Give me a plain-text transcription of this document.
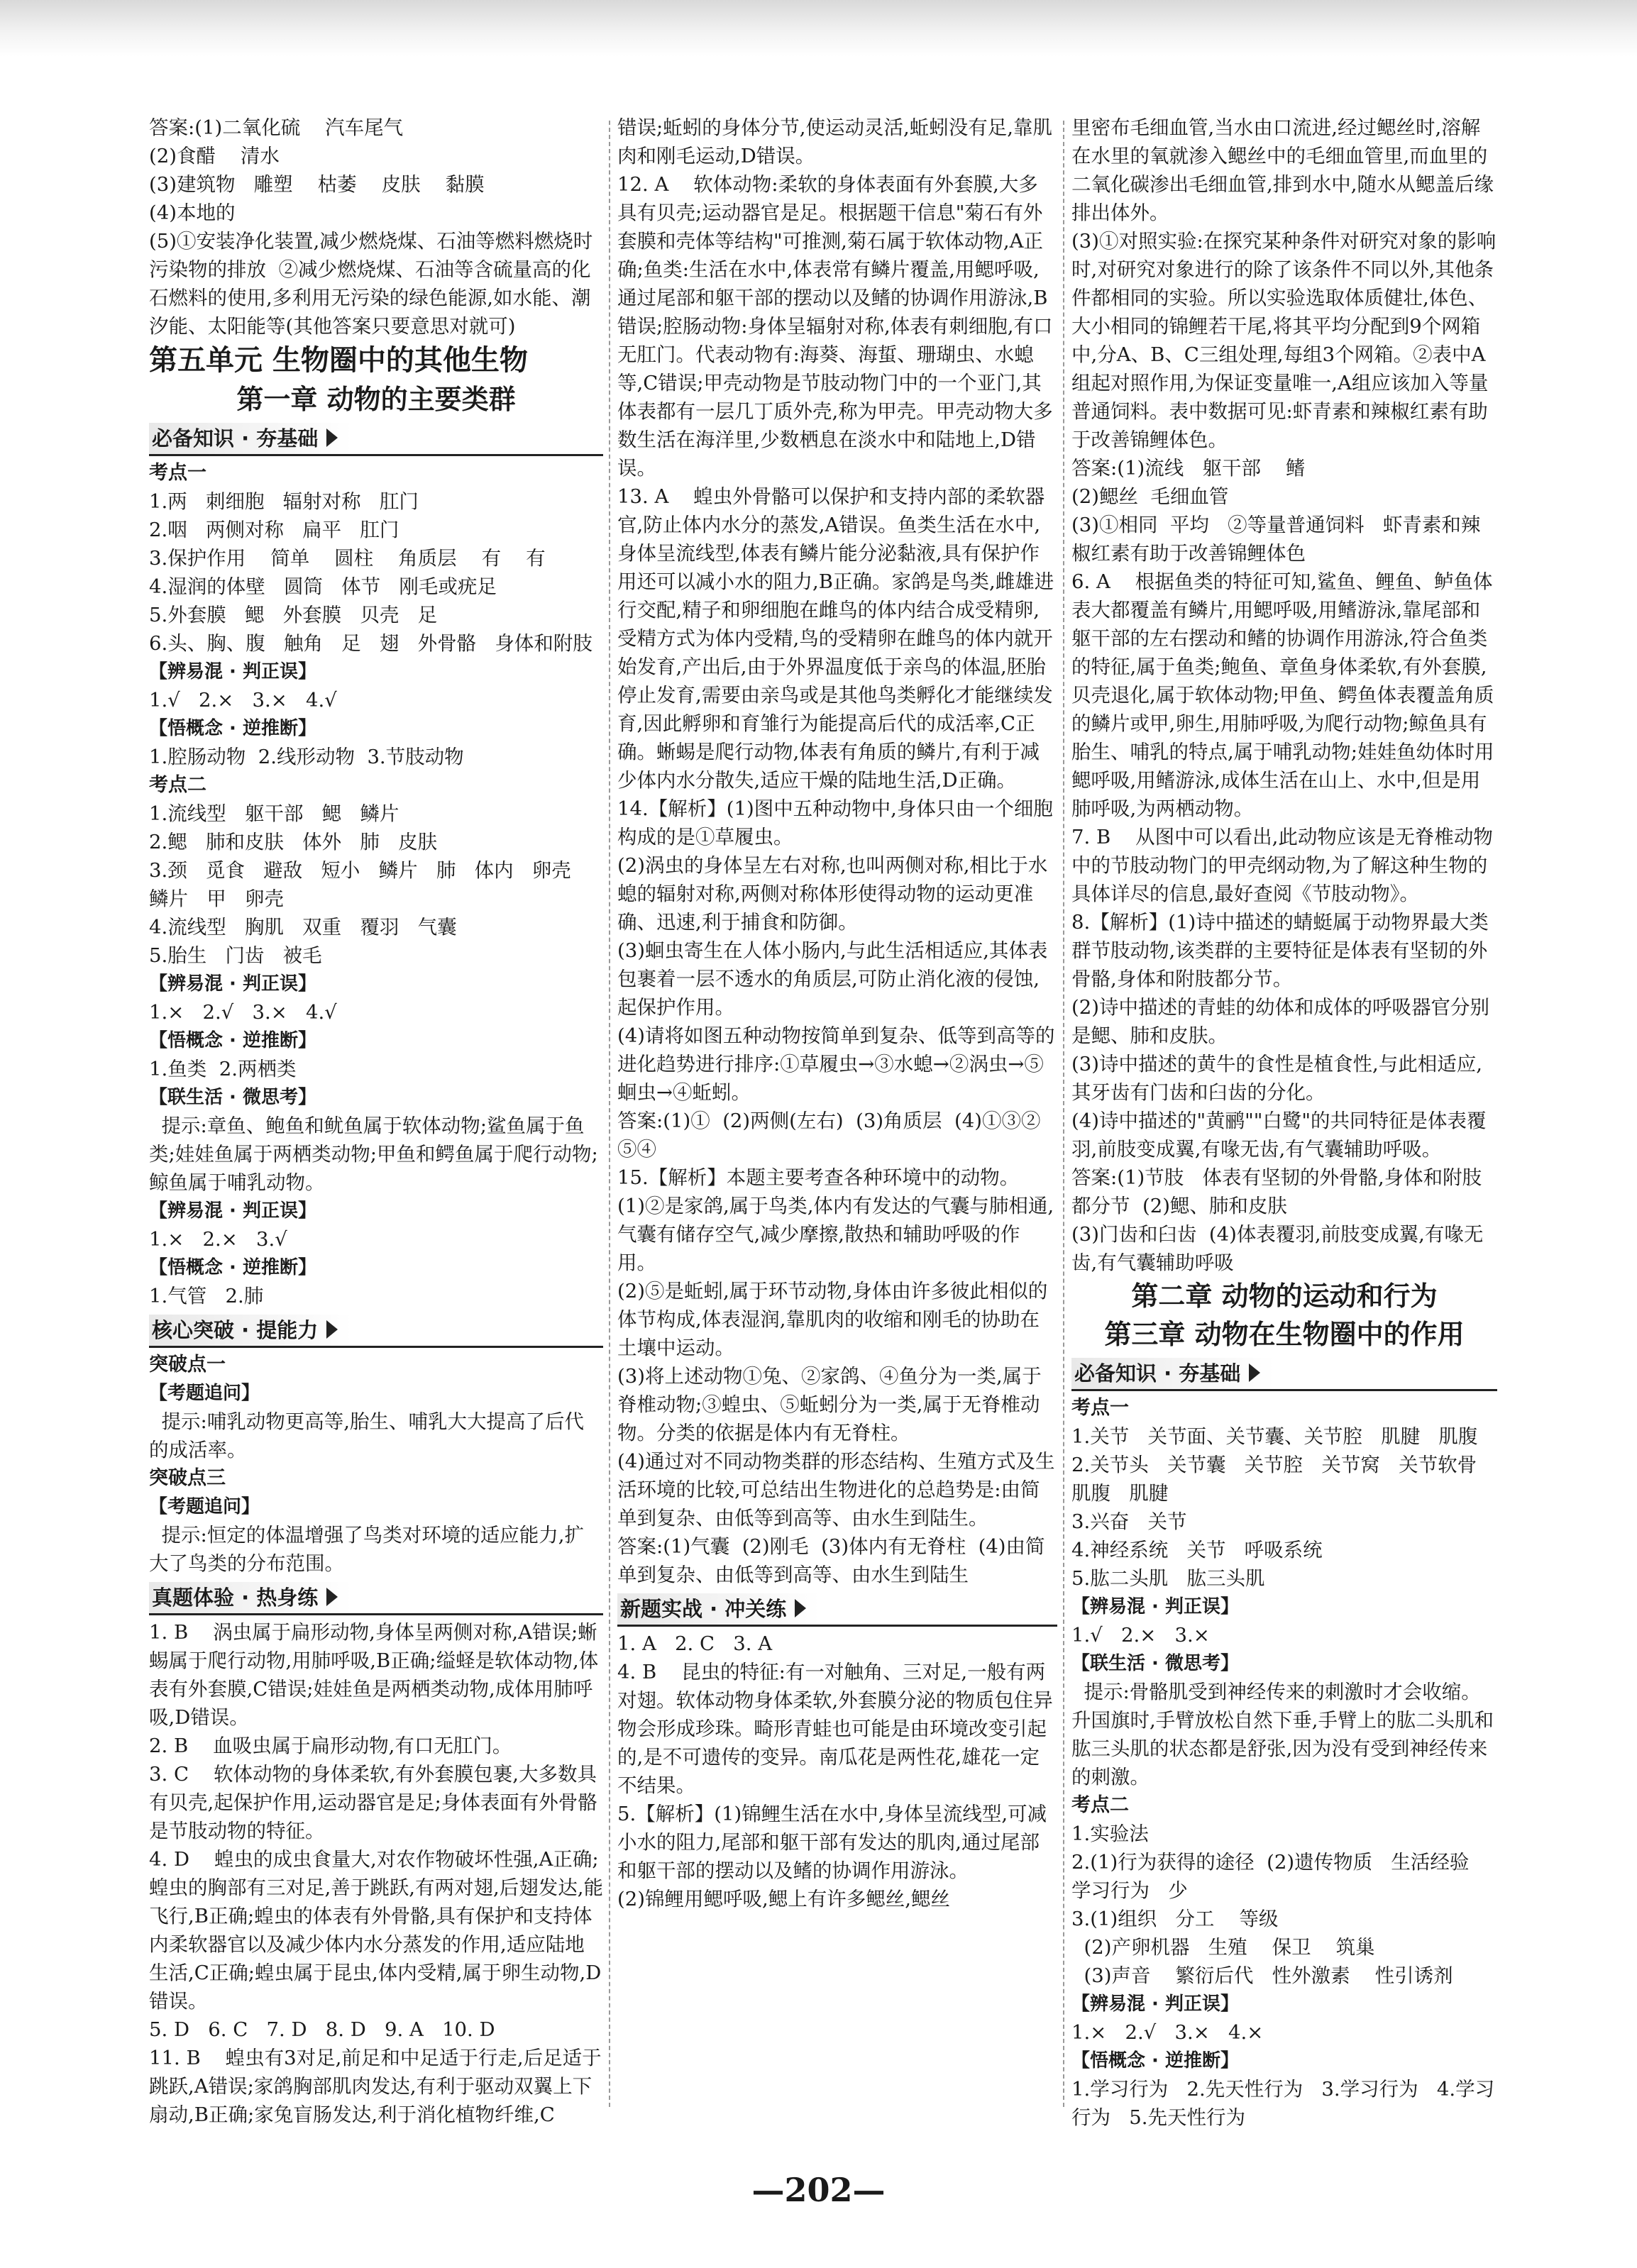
答案:(1)二氧化硫    汽车尾气
(2)食醋    清水
(3)建筑物   雕塑    枯萎    皮肤    黏膜
(4)本地的
(5)①安装净化装置,减少燃烧煤、石油等燃料燃烧时污染物的排放  ②减少燃烧煤、石油等含硫量高的化石燃料的使用,多利用无污染的绿色能源,如水能、潮汐能、太阳能等(其他答案只要意思对就可)
第五单元 生物圈中的其他生物
第一章 动物的主要类群
必备知识 · 夯基础
考点一
1.两   刺细胞   辐射对称   肛门
2.咽   两侧对称   扁平   肛门
3.保护作用    简单    圆柱    角质层    有    有
4.湿润的体壁   圆筒   体节   刚毛或疣足
5.外套膜   鳃   外套膜   贝壳   足
6.头、胸、腹   触角   足   翅   外骨骼   身体和附肢
【辨易混 · 判正误】
1.√   2.×   3.×   4.√
【悟概念 · 逆推断】
1.腔肠动物  2.线形动物  3.节肢动物
考点二
1.流线型   躯干部   鳃   鳞片
2.鳃   肺和皮肤   体外   肺   皮肤
3.颈   觅食   避敌   短小   鳞片   肺   体内   卵壳   鳞片   甲   卵壳
4.流线型   胸肌   双重   覆羽   气囊
5.胎生   门齿   被毛
【辨易混 · 判正误】
1.×   2.√   3.×   4.√
【悟概念 · 逆推断】
1.鱼类  2.两栖类
【联生活 · 微思考】
提示:章鱼、鲍鱼和鱿鱼属于软体动物;鲨鱼属于鱼类;娃娃鱼属于两栖类动物;甲鱼和鳄鱼属于爬行动物;鲸鱼属于哺乳动物。
【辨易混 · 判正误】
1.×   2.×   3.√
【悟概念 · 逆推断】
1.气管   2.肺
核心突破 · 提能力
突破点一
【考题追问】
提示:哺乳动物更高等,胎生、哺乳大大提高了后代的成活率。
突破点三
【考题追问】
提示:恒定的体温增强了鸟类对环境的适应能力,扩大了鸟类的分布范围。
真题体验 · 热身练
1. B    涡虫属于扁形动物,身体呈两侧对称,A错误;蜥蜴属于爬行动物,用肺呼吸,B正确;缢蛏是软体动物,体表有外套膜,C错误;娃娃鱼是两栖类动物,成体用肺呼吸,D错误。
2. B    血吸虫属于扁形动物,有口无肛门。
3. C    软体动物的身体柔软,有外套膜包裹,大多数具有贝壳,起保护作用,运动器官是足;身体表面有外骨骼是节肢动物的特征。
4. D    蝗虫的成虫食量大,对农作物破坏性强,A正确;蝗虫的胸部有三对足,善于跳跃,有两对翅,后翅发达,能飞行,B正确;蝗虫的体表有外骨骼,具有保护和支持体内柔软器官以及减少体内水分蒸发的作用,适应陆地生活,C正确;蝗虫属于昆虫,体内受精,属于卵生动物,D错误。
5. D   6. C   7. D   8. D   9. A   10. D
11. B    蝗虫有3对足,前足和中足适于行走,后足适于跳跃,A错误;家鸽胸部肌肉发达,有利于驱动双翼上下扇动,B正确;家兔盲肠发达,利于消化植物纤维,C
错误;蚯蚓的身体分节,使运动灵活,蚯蚓没有足,靠肌肉和刚毛运动,D错误。
12. A    软体动物:柔软的身体表面有外套膜,大多具有贝壳;运动器官是足。根据题干信息"菊石有外套膜和壳体等结构"可推测,菊石属于软体动物,A正确;鱼类:生活在水中,体表常有鳞片覆盖,用鳃呼吸,通过尾部和躯干部的摆动以及鳍的协调作用游泳,B错误;腔肠动物:身体呈辐射对称,体表有刺细胞,有口无肛门。代表动物有:海葵、海蜇、珊瑚虫、水螅等,C错误;甲壳动物是节肢动物门中的一个亚门,其体表都有一层几丁质外壳,称为甲壳。甲壳动物大多数生活在海洋里,少数栖息在淡水中和陆地上,D错误。
13. A    蝗虫外骨骼可以保护和支持内部的柔软器官,防止体内水分的蒸发,A错误。鱼类生活在水中,身体呈流线型,体表有鳞片能分泌黏液,具有保护作用还可以减小水的阻力,B正确。家鸽是鸟类,雌雄进行交配,精子和卵细胞在雌鸟的体内结合成受精卵,受精方式为体内受精,鸟的受精卵在雌鸟的体内就开始发育,产出后,由于外界温度低于亲鸟的体温,胚胎停止发育,需要由亲鸟或是其他鸟类孵化才能继续发育,因此孵卵和育雏行为能提高后代的成活率,C正确。蜥蜴是爬行动物,体表有角质的鳞片,有利于减少体内水分散失,适应干燥的陆地生活,D正确。
14.【解析】(1)图中五种动物中,身体只由一个细胞构成的是①草履虫。
(2)涡虫的身体呈左右对称,也叫两侧对称,相比于水螅的辐射对称,两侧对称体形使得动物的运动更准确、迅速,利于捕食和防御。
(3)蛔虫寄生在人体小肠内,与此生活相适应,其体表包裹着一层不透水的角质层,可防止消化液的侵蚀,起保护作用。
(4)请将如图五种动物按简单到复杂、低等到高等的进化趋势进行排序:①草履虫→③水螅→②涡虫→⑤蛔虫→④蚯蚓。
答案:(1)①  (2)两侧(左右)  (3)角质层  (4)①③②⑤④
15.【解析】本题主要考查各种环境中的动物。
(1)②是家鸽,属于鸟类,体内有发达的气囊与肺相通,气囊有储存空气,减少摩擦,散热和辅助呼吸的作用。
(2)⑤是蚯蚓,属于环节动物,身体由许多彼此相似的体节构成,体表湿润,靠肌肉的收缩和刚毛的协助在土壤中运动。
(3)将上述动物①兔、②家鸽、④鱼分为一类,属于脊椎动物;③蝗虫、⑤蚯蚓分为一类,属于无脊椎动物。分类的依据是体内有无脊柱。
(4)通过对不同动物类群的形态结构、生殖方式及生活环境的比较,可总结出生物进化的总趋势是:由简单到复杂、由低等到高等、由水生到陆生。
答案:(1)气囊  (2)刚毛  (3)体内有无脊柱  (4)由简单到复杂、由低等到高等、由水生到陆生
新题实战 · 冲关练
1. A   2. C   3. A
4. B    昆虫的特征:有一对触角、三对足,一般有两对翅。软体动物身体柔软,外套膜分泌的物质包住异物会形成珍珠。畸形青蛙也可能是由环境改变引起的,是不可遗传的变异。南瓜花是两性花,雄花一定不结果。
5.【解析】(1)锦鲤生活在水中,身体呈流线型,可减小水的阻力,尾部和躯干部有发达的肌肉,通过尾部和躯干部的摆动以及鳍的协调作用游泳。
(2)锦鲤用鳃呼吸,鳃上有许多鳃丝,鳃丝
里密布毛细血管,当水由口流进,经过鳃丝时,溶解在水里的氧就渗入鳃丝中的毛细血管里,而血里的二氧化碳渗出毛细血管,排到水中,随水从鳃盖后缘排出体外。
(3)①对照实验:在探究某种条件对研究对象的影响时,对研究对象进行的除了该条件不同以外,其他条件都相同的实验。所以实验选取体质健壮,体色、大小相同的锦鲤若干尾,将其平均分配到9个网箱中,分A、B、C三组处理,每组3个网箱。②表中A组起对照作用,为保证变量唯一,A组应该加入等量普通饲料。表中数据可见:虾青素和辣椒红素有助于改善锦鲤体色。
答案:(1)流线   躯干部    鳍
(2)鳃丝  毛细血管
(3)①相同  平均   ②等量普通饲料   虾青素和辣椒红素有助于改善锦鲤体色
6. A    根据鱼类的特征可知,鲨鱼、鲤鱼、鲈鱼体表大都覆盖有鳞片,用鳃呼吸,用鳍游泳,靠尾部和躯干部的左右摆动和鳍的协调作用游泳,符合鱼类的特征,属于鱼类;鲍鱼、章鱼身体柔软,有外套膜,贝壳退化,属于软体动物;甲鱼、鳄鱼体表覆盖角质的鳞片或甲,卵生,用肺呼吸,为爬行动物;鲸鱼具有胎生、哺乳的特点,属于哺乳动物;娃娃鱼幼体时用鳃呼吸,用鳍游泳,成体生活在山上、水中,但是用肺呼吸,为两栖动物。
7. B    从图中可以看出,此动物应该是无脊椎动物中的节肢动物门的甲壳纲动物,为了解这种生物的具体详尽的信息,最好查阅《节肢动物》。
8.【解析】(1)诗中描述的蜻蜓属于动物界最大类群节肢动物,该类群的主要特征是体表有坚韧的外骨骼,身体和附肢都分节。
(2)诗中描述的青蛙的幼体和成体的呼吸器官分别是鳃、肺和皮肤。
(3)诗中描述的黄牛的食性是植食性,与此相适应,其牙齿有门齿和臼齿的分化。
(4)诗中描述的"黄鹂""白鹭"的共同特征是体表覆羽,前肢变成翼,有喙无齿,有气囊辅助呼吸。
答案:(1)节肢   体表有坚韧的外骨骼,身体和附肢都分节  (2)鳃、肺和皮肤
(3)门齿和臼齿  (4)体表覆羽,前肢变成翼,有喙无齿,有气囊辅助呼吸
第二章 动物的运动和行为
第三章 动物在生物圈中的作用
必备知识 · 夯基础
考点一
1.关节   关节面、关节囊、关节腔   肌腱   肌腹
2.关节头   关节囊   关节腔   关节窝   关节软骨   肌腹   肌腱
3.兴奋   关节
4.神经系统   关节   呼吸系统
5.肱二头肌   肱三头肌
【辨易混 · 判正误】
1.√   2.×   3.×
【联生活 · 微思考】
提示:骨骼肌受到神经传来的刺激时才会收缩。升国旗时,手臂放松自然下垂,手臂上的肱二头肌和肱三头肌的状态都是舒张,因为没有受到神经传来的刺激。
考点二
1.实验法
2.(1)行为获得的途径  (2)遗传物质   生活经验   学习行为   少
3.(1)组织   分工    等级
(2)产卵机器   生殖    保卫    筑巢
(3)声音    繁衍后代   性外激素    性引诱剂
【辨易混 · 判正误】
1.×   2.√   3.×   4.×
【悟概念 · 逆推断】
1.学习行为   2.先天性行为   3.学习行为   4.学习行为   5.先天性行为
—202—
